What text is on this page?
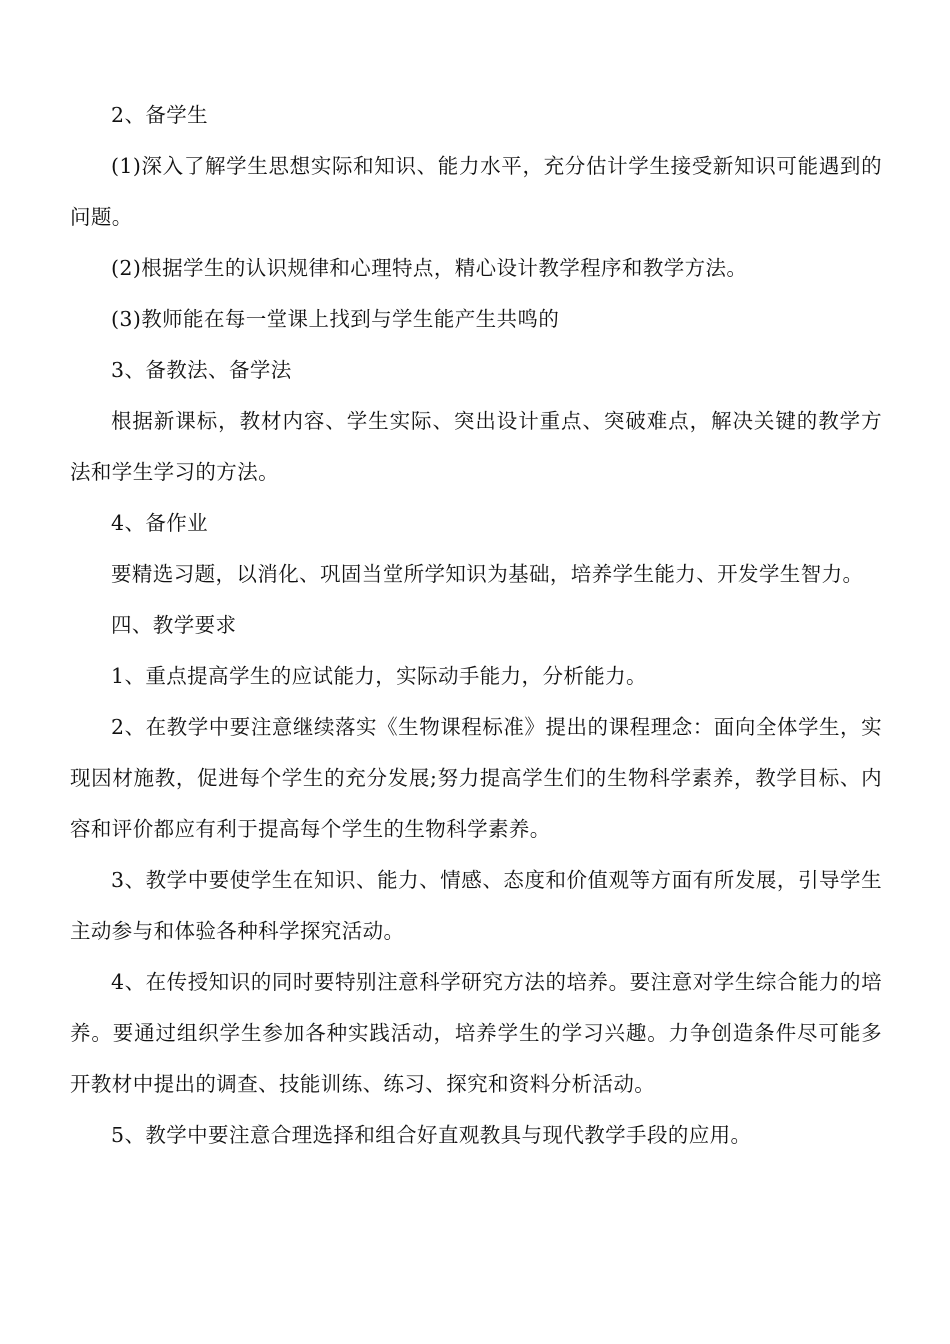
2、备学生

(1)深入了解学生思想实际和知识、能力水平，充分估计学生接受新知识可能遇到的问题。

(2)根据学生的认识规律和心理特点，精心设计教学程序和教学方法。

(3)教师能在每一堂课上找到与学生能产生共鸣的

3、备教法、备学法

根据新课标，教材内容、学生实际、突出设计重点、突破难点，解决关键的教学方法和学生学习的方法。

4、备作业

要精选习题，以消化、巩固当堂所学知识为基础，培养学生能力、开发学生智力。

四、教学要求

1、重点提高学生的应试能力，实际动手能力，分析能力。

2、在教学中要注意继续落实《生物课程标准》提出的课程理念：面向全体学生，实现因材施教，促进每个学生的充分发展;努力提高学生们的生物科学素养，教学目标、内容和评价都应有利于提高每个学生的生物科学素养。

3、教学中要使学生在知识、能力、情感、态度和价值观等方面有所发展，引导学生主动参与和体验各种科学探究活动。

4、在传授知识的同时要特别注意科学研究方法的培养。要注意对学生综合能力的培养。要通过组织学生参加各种实践活动，培养学生的学习兴趣。力争创造条件尽可能多开教材中提出的调查、技能训练、练习、探究和资料分析活动。

5、教学中要注意合理选择和组合好直观教具与现代教学手段的应用。
